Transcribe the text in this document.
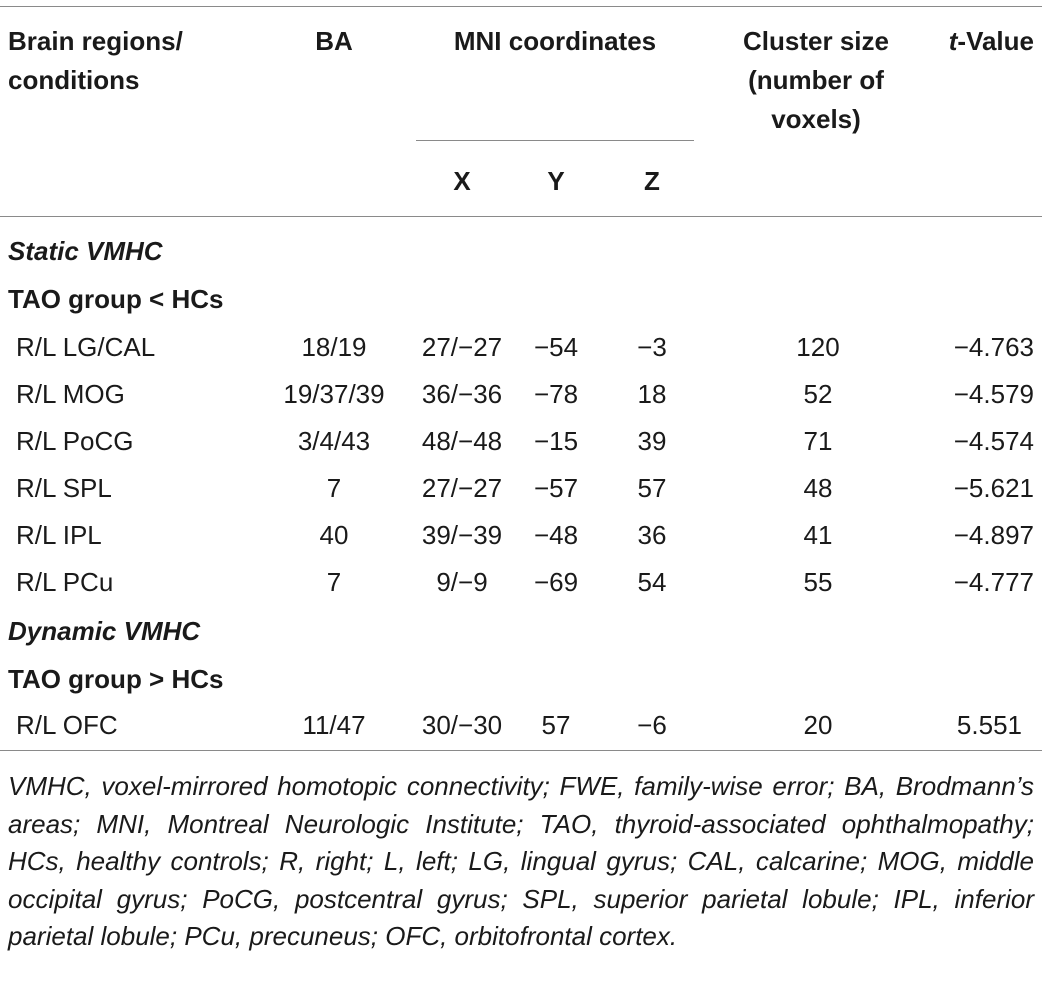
Brain regions/ conditions
BA	MNI coordinates
X	Y	Z
Cluster size (number of voxels)
t-Value
Static VMHC
TAO group < HCs
R/L LG/CAL	18/19	27/−27	−54	−3	120	−4.763
R/L MOG	19/37/39	36/−36	−78	18	52	−4.579
R/L PoCG	3/4/43	48/−48	−15	39	71	−4.574
R/L SPL	7	27/−27	−57	57	48	−5.621
R/L IPL	40	39/−39	−48	36	41	−4.897
R/L PCu	7	9/−9	−69	54	55	−4.777
Dynamic VMHC
TAO group > HCs
R/L OFC	11/47	30/−30	57	−6	20	5.551
VMHC, voxel-mirrored homotopic connectivity; FWE, family-wise error; BA, Brodmann’s areas; MNI, Montreal Neurologic Institute; TAO, thyroid-associated ophthalmopathy; HCs, healthy controls; R, right; L, left; LG, lingual gyrus; CAL, calcarine; MOG, middle occipital gyrus; PoCG, postcentral gyrus; SPL, superior parietal lobule; IPL, inferior parietal lobule; PCu, precuneus; OFC, orbitofrontal cortex.
